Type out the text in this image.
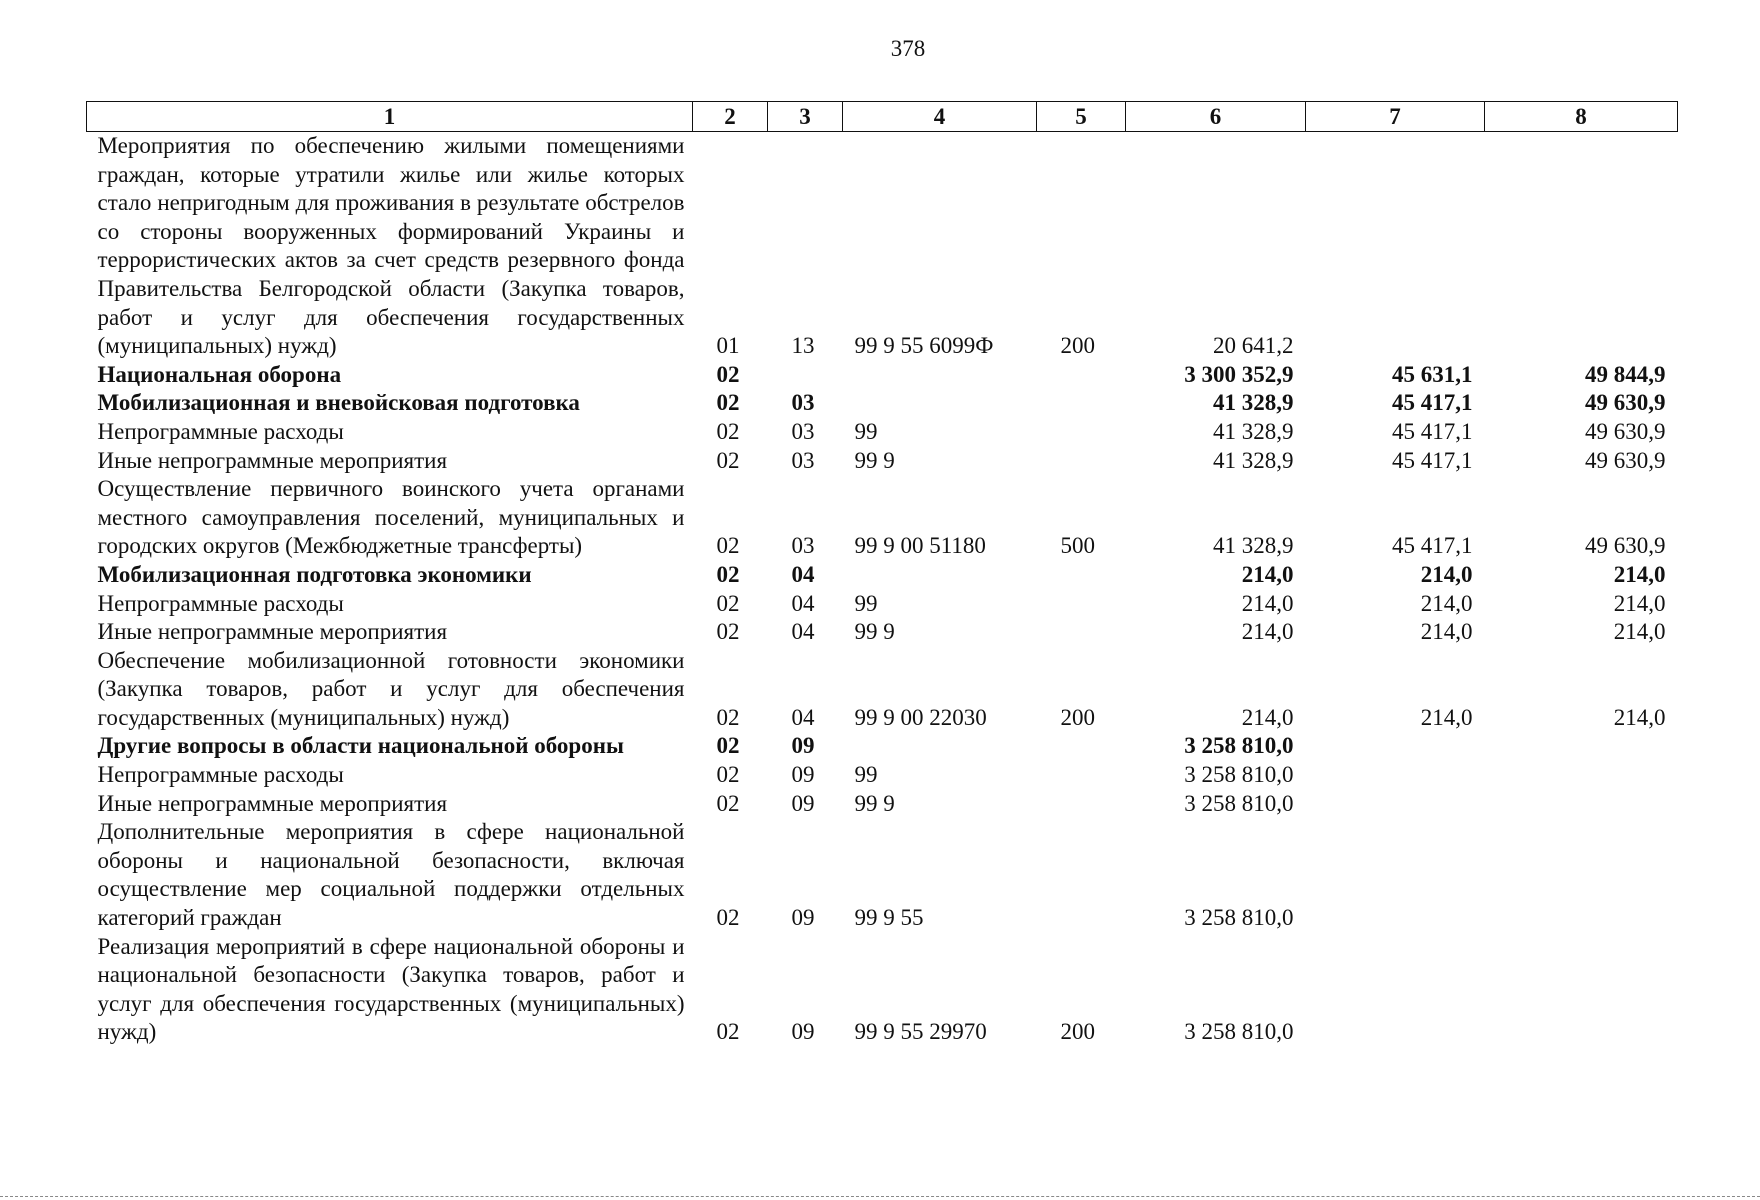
378
1	2	3	4	5	6	7	8
Мероприятия по обеспечению жилыми помещениями граждан, которые утратили жилье или жилье которых стало непригодным для проживания в результате обстрелов со стороны вооруженных формирований Украины и террористических актов за счет средств резервного фонда Правительства Белгородской области (Закупка товаров, работ и услуг для обеспечения государственных (муниципальных) нужд)	01	13	99 9 55 6099Ф	200	20 641,2		
Национальная оборона	02				3 300 352,9	45 631,1	49 844,9
Мобилизационная и вневойсковая подготовка	02	03			41 328,9	45 417,1	49 630,9
Непрограммные расходы	02	03	99		41 328,9	45 417,1	49 630,9
Иные непрограммные мероприятия	02	03	99 9		41 328,9	45 417,1	49 630,9
Осуществление первичного воинского учета органами местного самоуправления поселений, муниципальных и городских округов (Межбюджетные трансферты)	02	03	99 9 00 51180	500	41 328,9	45 417,1	49 630,9
Мобилизационная подготовка экономики	02	04			214,0	214,0	214,0
Непрограммные расходы	02	04	99		214,0	214,0	214,0
Иные непрограммные мероприятия	02	04	99 9		214,0	214,0	214,0
Обеспечение мобилизационной готовности экономики (Закупка товаров, работ и услуг для обеспечения государственных (муниципальных) нужд)	02	04	99 9 00 22030	200	214,0	214,0	214,0
Другие вопросы в области национальной обороны	02	09			3 258 810,0		
Непрограммные расходы	02	09	99		3 258 810,0		
Иные непрограммные мероприятия	02	09	99 9		3 258 810,0		
Дополнительные мероприятия в сфере национальной обороны и национальной безопасности, включая осуществление мер социальной поддержки отдельных категорий граждан	02	09	99 9 55		3 258 810,0		
Реализация мероприятий в сфере национальной обороны и национальной безопасности (Закупка товаров, работ и услуг для обеспечения государственных (муниципальных) нужд)	02	09	99 9 55 29970	200	3 258 810,0		
